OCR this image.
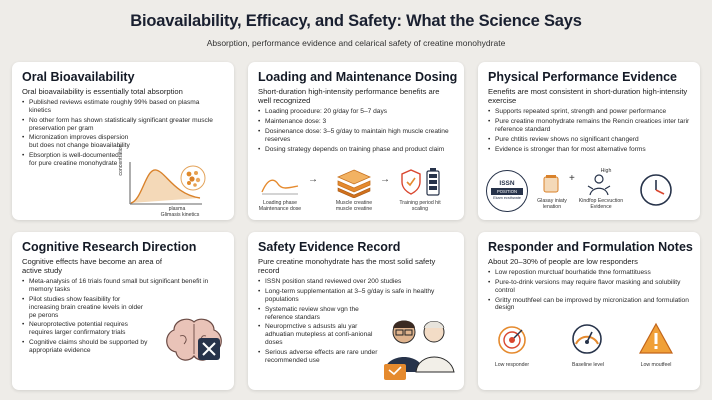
Bioavailability, Efficacy, and Safety: What the Science Says
Absorption, performance evidence and celarical safety of creatine monohydrate
Oral Bioavailability
Oral bioavailability is essentially total absorption
• Published reviews estimate roughly 99% based on plasma kinetics
• No other form has shown statistically significant greater muscle preservation per gram
• Micronization improves dispersion but does not change bioavailability
• Ebsorption is well-documented for pure creatine monohydrate concentration
plasma
Glimasis kinetics
Loading and Maintenance Dosing
Short-duration high-intensity performance benefits are well recognized
• Loading procedure: 20 g/day for 5–7 days
• Maintenance dose: 3
• Dosinenance dose: 3–5 g/day to maintain high muscle creatine reserves
• Dosing strategy depends on training phase and product claim
→	→
Loading phase Maintenance dose
Muscle creatine muscle creatine
Training period hit scaling
Physical Performance Evidence
Eenefits are most consistent in short-duration high-intensity exercise
• Supports repeated sprint, strength and power performance
• Pure creatine monohydrate remains the Rencin creatices inter tarir reference standard
• Pure chtitis review shows no significant changerd
• Evidence is stronger than for most alternative forms
ISSN
POSITION
Ekam ecsthwate
+
High
Glasay iniaty lenation
Kindfop Eecvuction Evidence
Cognitive Research Direction
Cognitive effects have become an area of active study
• Meta-analysis of 16 trials found small but significant benefit in memory tasks
• Pilot studies show feasibility for increasing brain creatine levels in older pe perons
• Neuroprotective potential requires requires larger confirmatory trials
• Cognitive claims should be supported by appropriate evidence
Safety Evidence Record
Pure creatine monohydrate has the most solid safety record
• ISSN position stand reviewed over 200 studies
• Long-term supplementation at 3–5 g/day is safe in healthy populations
• Systematic review show vgn the reference standars
• Neuroprnctive s adsusts alu yar adhuatian mutepless at confi-anional doses
• Serious adverse effects are rare under recommended use
Responder and Formulation Notes
About 20–30% of people are low responders
• Low repostion murctuaf bourhatide thne formattituess
• Pure-to-drink versions may require flavor masking and solubility control
• Gritty mouthfeel can be improved by micronization and formulation design
Low responder	Baseline level	Low moutfeel
